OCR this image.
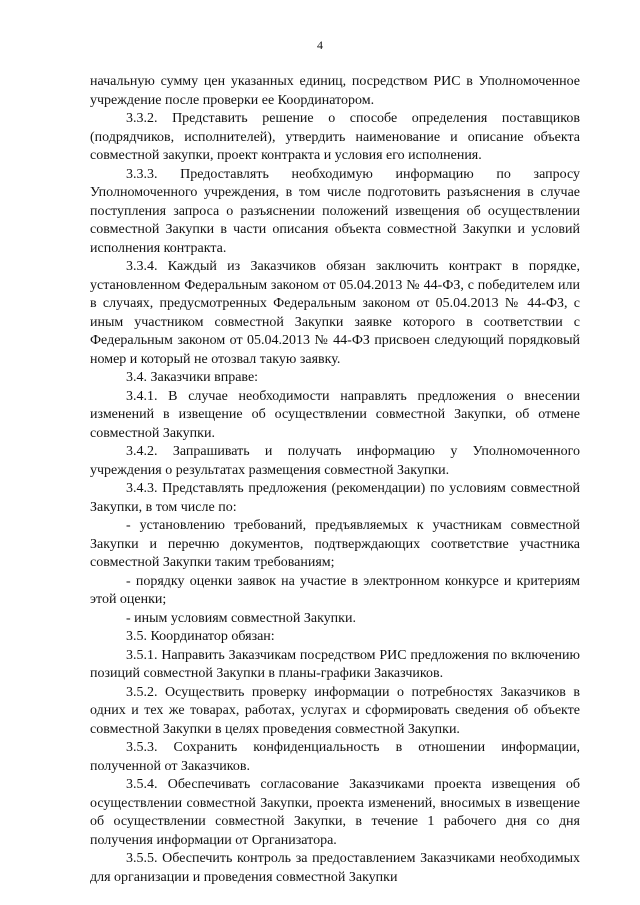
4

начальную сумму цен указанных единиц, посредством РИС в Уполномоченное учреждение после проверки ее Координатором.

3.3.2. Представить решение о способе определения поставщиков (подрядчиков, исполнителей), утвердить наименование и описание объекта совместной закупки, проект контракта и условия его исполнения.

3.3.3. Предоставлять необходимую информацию по запросу Уполномоченного учреждения, в том числе подготовить разъяснения в случае поступления запроса о разъяснении положений извещения об осуществлении совместной Закупки в части описания объекта совместной Закупки и условий исполнения контракта.

3.3.4. Каждый из Заказчиков обязан заключить контракт в порядке, установленном Федеральным законом от 05.04.2013 № 44-ФЗ, с победителем или в случаях, предусмотренных Федеральным законом от 05.04.2013 № 44-ФЗ, с иным участником совместной Закупки заявке которого в соответствии с Федеральным законом от 05.04.2013 № 44-ФЗ присвоен следующий порядковый номер и который не отозвал такую заявку.

3.4. Заказчики вправе:

3.4.1. В случае необходимости направлять предложения о внесении изменений в извещение об осуществлении совместной Закупки, об отмене совместной Закупки.

3.4.2. Запрашивать и получать информацию у Уполномоченного учреждения о результатах размещения совместной Закупки.

3.4.3. Представлять предложения (рекомендации) по условиям совместной Закупки, в том числе по:

- установлению требований, предъявляемых к участникам совместной Закупки и перечню документов, подтверждающих соответствие участника совместной Закупки таким требованиям;

- порядку оценки заявок на участие в электронном конкурсе и критериям этой оценки;

- иным условиям совместной Закупки.

3.5. Координатор обязан:

3.5.1. Направить Заказчикам посредством РИС предложения по включению позиций совместной Закупки в планы-графики Заказчиков.

3.5.2. Осуществить проверку информации о потребностях Заказчиков в одних и тех же товарах, работах, услугах и сформировать сведения об объекте совместной Закупки в целях проведения совместной Закупки.

3.5.3. Сохранить конфиденциальность в отношении информации, полученной от Заказчиков.

3.5.4. Обеспечивать согласование Заказчиками проекта извещения об осуществлении совместной Закупки, проекта изменений, вносимых в извещение об осуществлении совместной Закупки, в течение 1 рабочего дня со дня получения информации от Организатора.

3.5.5. Обеспечить контроль за предоставлением Заказчиками необходимых для организации и проведения совместной Закупки
